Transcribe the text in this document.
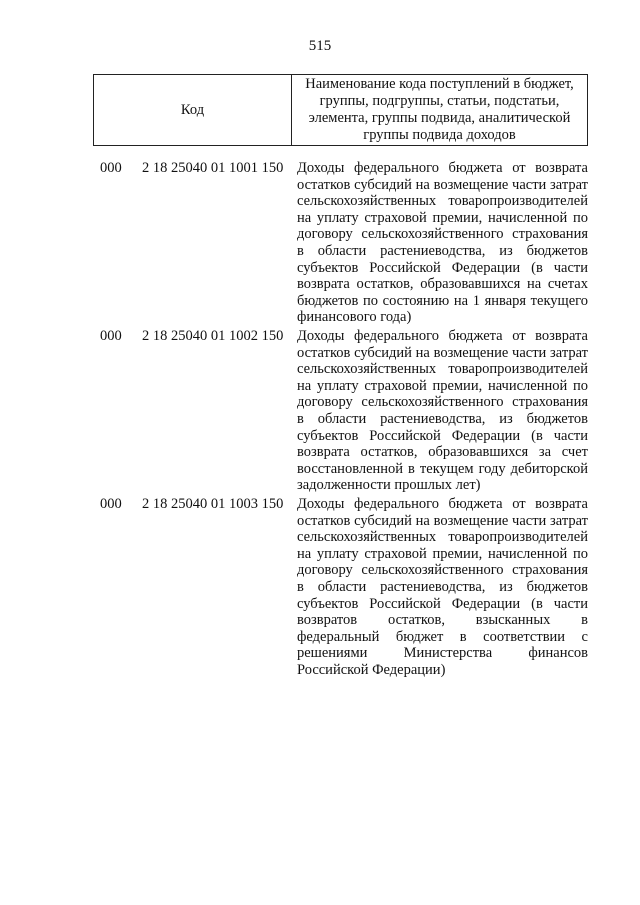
515
Код
Наименование кода поступлений в бюджет, группы, подгруппы, статьи, подстатьи, элемента, группы подвида, аналитической группы подвида доходов
000	2 18 25040 01 1001 150 Доходы федерального бюджета от возврата остатков субсидий на возмещение части затрат сельскохозяйственных товаропроизводителей на уплату страховой премии, начисленной по договору сельскохозяйственного страхования в области растениеводства, из бюджетов субъектов Российской Федерации (в части возврата остатков, образовавшихся на счетах бюджетов по состоянию на 1 января текущего финансового года)
000	2 18 25040 01 1002 150 Доходы федерального бюджета от возврата остатков субсидий на возмещение части затрат сельскохозяйственных товаропроизводителей на уплату страховой премии, начисленной по договору сельскохозяйственного страхования в области растениеводства, из бюджетов субъектов Российской Федерации (в части возврата остатков, образовавшихся за счет восстановленной в текущем году дебиторской задолженности прошлых лет)
000	2 18 25040 01 1003 150 Доходы федерального бюджета от возврата остатков субсидий на возмещение части затрат сельскохозяйственных товаропроизводителей на уплату страховой премии, начисленной по договору сельскохозяйственного страхования в области растениеводства, из бюджетов субъектов Российской Федерации (в части возвратов остатков, взысканных в федеральный бюджет в соответствии с решениями Министерства финансов Российской Федерации)
